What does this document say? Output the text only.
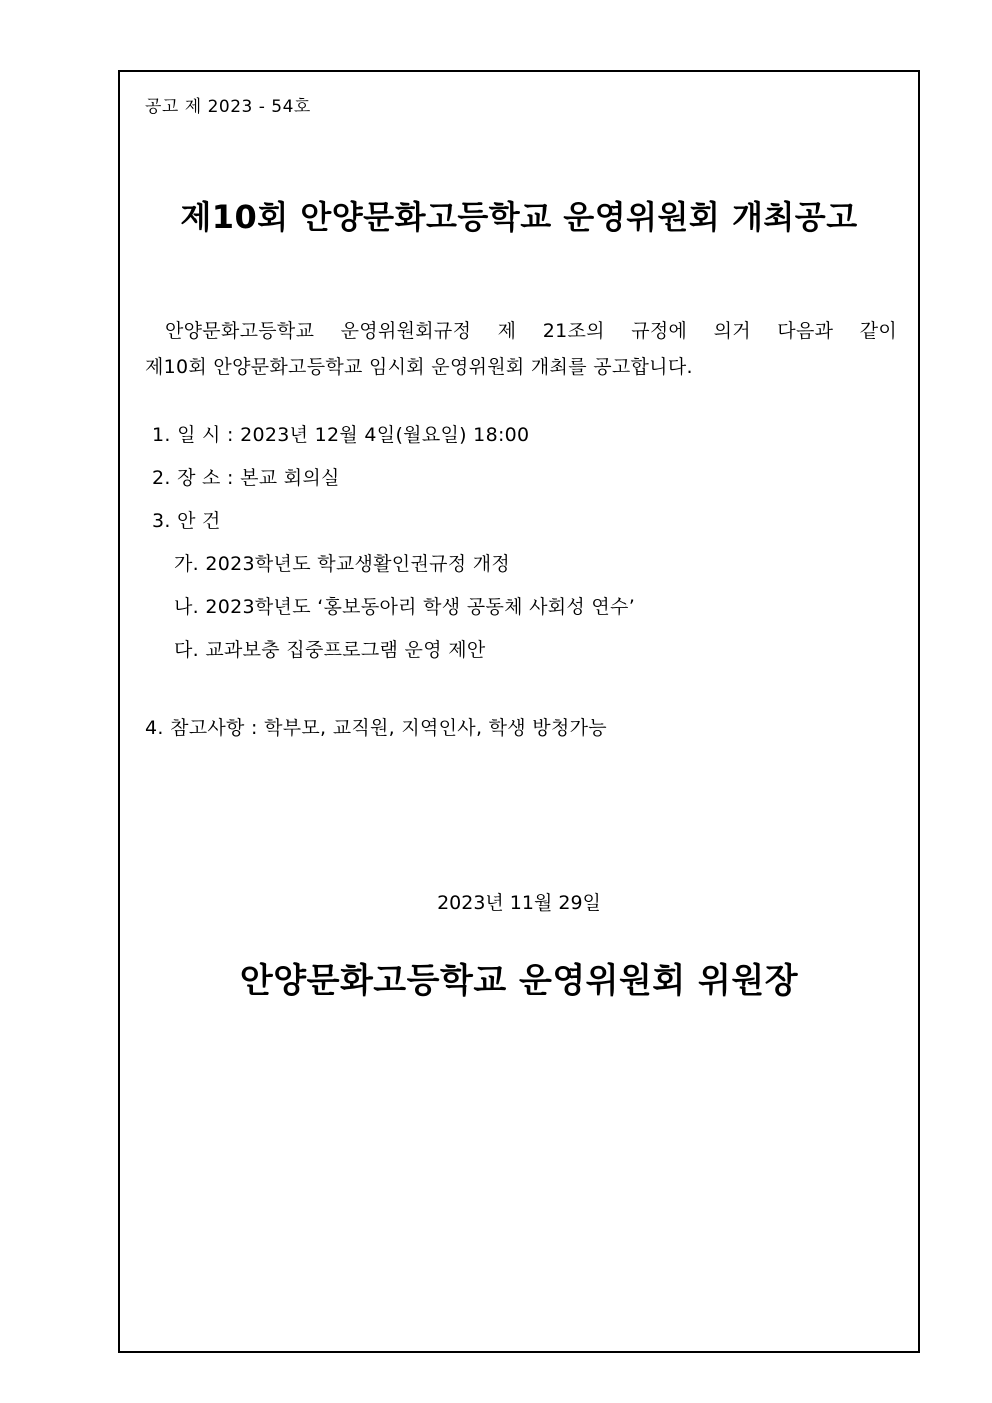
공고 제 2023 - 54호
제10회 안양문화고등학교 운영위원회 개최공고
안양문화고등학교 운영위원회규정 제 21조의 규정에 의거 다음과 같이
제10회 안양문화고등학교 임시회 운영위원회 개최를 공고합니다.
1. 일 시 : 2023년 12월 4일(월요일) 18:00
2. 장 소 : 본교 회의실
3. 안 건
가. 2023학년도 학교생활인권규정 개정
나. 2023학년도 ‘홍보동아리 학생 공동체 사회성 연수’
다. 교과보충 집중프로그램 운영 제안
4. 참고사항 : 학부모, 교직원, 지역인사, 학생 방청가능
2023년 11월 29일
안양문화고등학교 운영위원회 위원장
